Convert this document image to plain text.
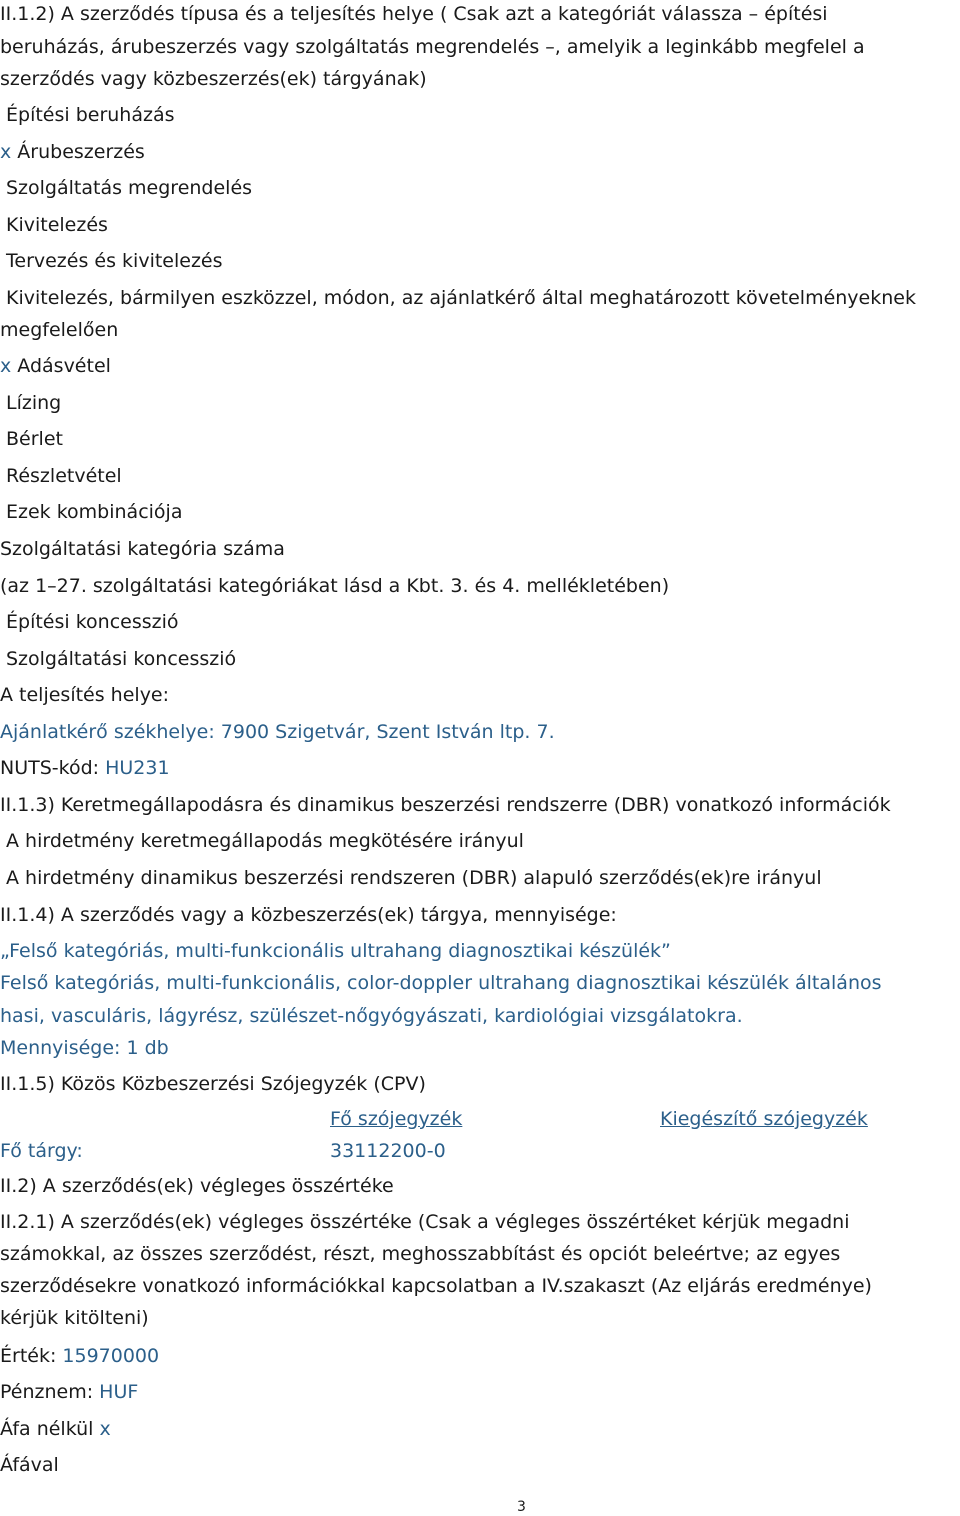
II.1.2) A szerződés típusa és a teljesítés helye ( Csak azt a kategóriát válassza – építési
beruházás, árubeszerzés vagy szolgáltatás megrendelés –, amelyik a leginkább megfelel a
szerződés vagy közbeszerzés(ek) tárgyának)
Építési beruházás
x Árubeszerzés
Szolgáltatás megrendelés
Kivitelezés
Tervezés és kivitelezés
Kivitelezés, bármilyen eszközzel, módon, az ajánlatkérő által meghatározott követelményeknek
megfelelően
x Adásvétel
Lízing
Bérlet
Részletvétel
Ezek kombinációja
Szolgáltatási kategória száma
(az 1–27. szolgáltatási kategóriákat lásd a Kbt. 3. és 4. mellékletében)
Építési koncesszió
Szolgáltatási koncesszió
A teljesítés helye:
Ajánlatkérő székhelye: 7900 Szigetvár, Szent István ltp. 7.
NUTS-kód: HU231
II.1.3) Keretmegállapodásra és dinamikus beszerzési rendszerre (DBR) vonatkozó információk
A hirdetmény keretmegállapodás megkötésére irányul
A hirdetmény dinamikus beszerzési rendszeren (DBR) alapuló szerződés(ek)re irányul
II.1.4) A szerződés vagy a közbeszerzés(ek) tárgya, mennyisége:
„Felső kategóriás, multi-funkcionális ultrahang diagnosztikai készülék”
Felső kategóriás, multi-funkcionális, color-doppler ultrahang diagnosztikai készülék általános
hasi, vasculáris, lágyrész, szülészet-nőgyógyászati, kardiológiai vizsgálatokra.
Mennyisége: 1 db
II.1.5) Közös Közbeszerzési Szójegyzék (CPV)
Fő szójegyzék	Kiegészítő szójegyzék
Fő tárgy:	33112200-0
II.2) A szerződés(ek) végleges összértéke
II.2.1) A szerződés(ek) végleges összértéke (Csak a végleges összértéket kérjük megadni
számokkal, az összes szerződést, részt, meghosszabbítást és opciót beleértve; az egyes
szerződésekre vonatkozó információkkal kapcsolatban a IV.szakaszt (Az eljárás eredménye)
kérjük kitölteni)
Érték: 15970000
Pénznem: HUF
Áfa nélkül x
Áfával
3
